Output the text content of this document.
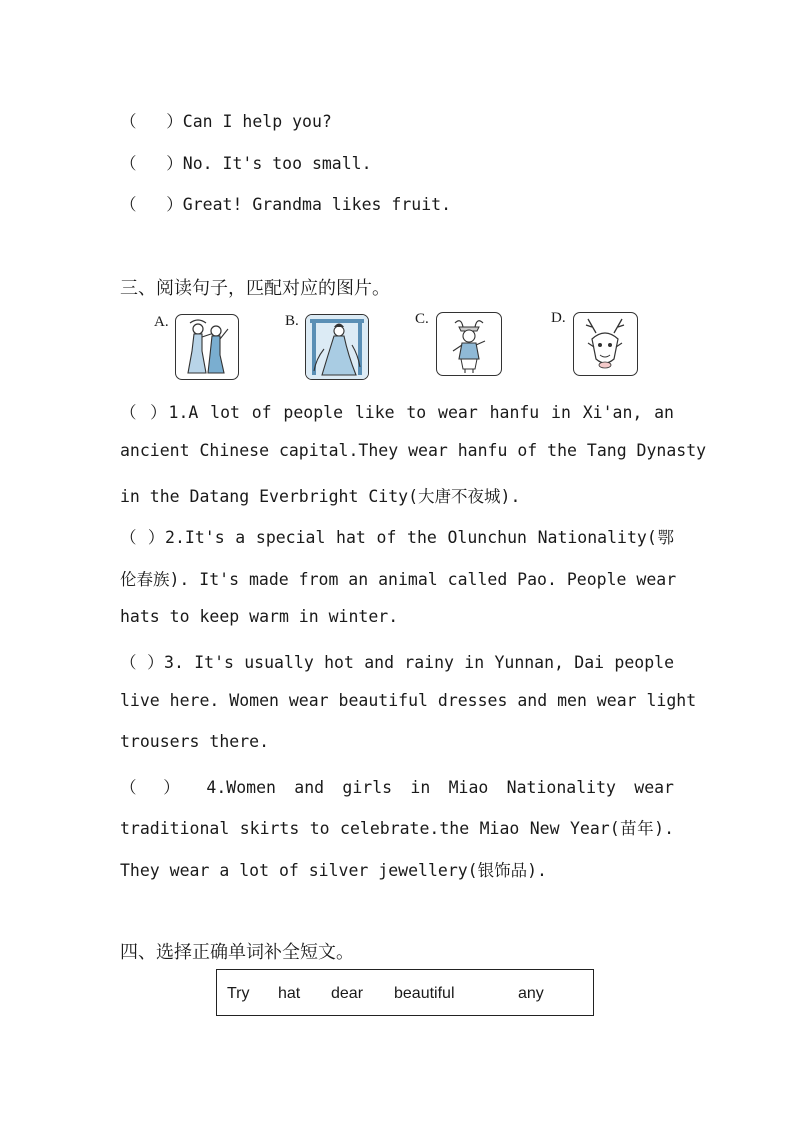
（   ）Can I help you?
（   ）No. It's too small.
（   ）Great! Grandma likes fruit.
三、阅读句子，匹配对应的图片。
A.	B.	C.	D.
（ ）1.A lot of people like to wear hanfu in Xi'an, an
ancient Chinese capital.They wear hanfu of the Tang Dynasty
in the Datang Everbright City(大唐不夜城).
（ ）2.It's a special hat of the Olunchun Nationality(鄂
伦春族). It's made from an animal called Pao. People wear
hats to keep warm in winter.
（ ）3. It's usually hot and rainy in Yunnan, Dai people
live here. Women wear beautiful dresses and men wear light
trousers there.
（ ） 4.Women and girls in Miao Nationality wear
traditional skirts to celebrate.the Miao New Year(苗年).
They wear a lot of silver jewellery(银饰品).
四、选择正确单词补全短文。
Try hat dear beautiful	any
